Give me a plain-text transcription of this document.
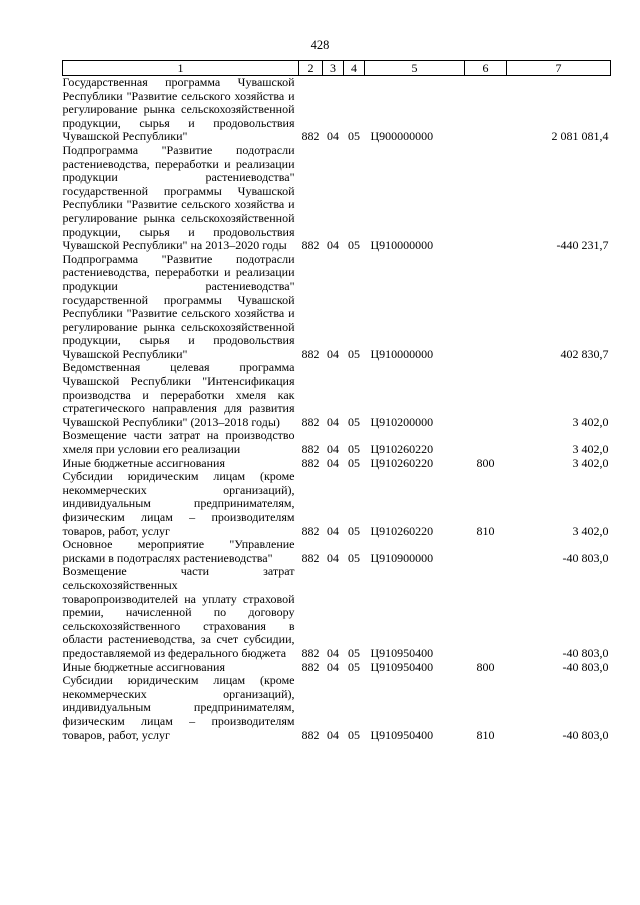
428
1	2	3	4	5	6	7
Государственная программа Чувашской Республики "Развитие сельского хозяйства и регулирование рынка сельскохозяйственной продукции, сырья и продовольствия Чувашской Республики"	882	04	05	Ц900000000		2 081 081,4
Подпрограмма "Развитие подотрасли растениеводства, переработки и реализации продукции растениеводства" государственной программы Чувашской Республики "Развитие сельского хозяйства и регулирование рынка сельскохозяйственной продукции, сырья и продовольствия Чувашской Республики" на 2013–2020 годы	882	04	05	Ц910000000		-440 231,7
Подпрограмма "Развитие подотрасли растениеводства, переработки и реализации продукции растениеводства" государственной программы Чувашской Республики "Развитие сельского хозяйства и регулирование рынка сельскохозяйственной продукции, сырья и продовольствия Чувашской Республики"	882	04	05	Ц910000000		402 830,7
Ведомственная целевая программа Чувашской Республики "Интенсификация производства и переработки хмеля как стратегического направления для развития Чувашской Республики" (2013–2018 годы)	882	04	05	Ц910200000		3 402,0
Возмещение части затрат на производство хмеля при условии его реализации	882	04	05	Ц910260220		3 402,0
Иные бюджетные ассигнования	882	04	05	Ц910260220	800	3 402,0
Субсидии юридическим лицам (кроме некоммерческих организаций), индивидуальным предпринимателям, физическим лицам – производителям товаров, работ, услуг	882	04	05	Ц910260220	810	3 402,0
Основное мероприятие "Управление рисками в подотраслях растениеводства"	882	04	05	Ц910900000		-40 803,0
Возмещение части затрат сельскохозяйственных товаропроизводителей на уплату страховой премии, начисленной по договору сельскохозяйственного страхования в области растениеводства, за счет субсидии, предоставляемой из федерального бюджета	882	04	05	Ц910950400		-40 803,0
Иные бюджетные ассигнования	882	04	05	Ц910950400	800	-40 803,0
Субсидии юридическим лицам (кроме некоммерческих организаций), индивидуальным предпринимателям, физическим лицам – производителям товаров, работ, услуг	882	04	05	Ц910950400	810	-40 803,0
